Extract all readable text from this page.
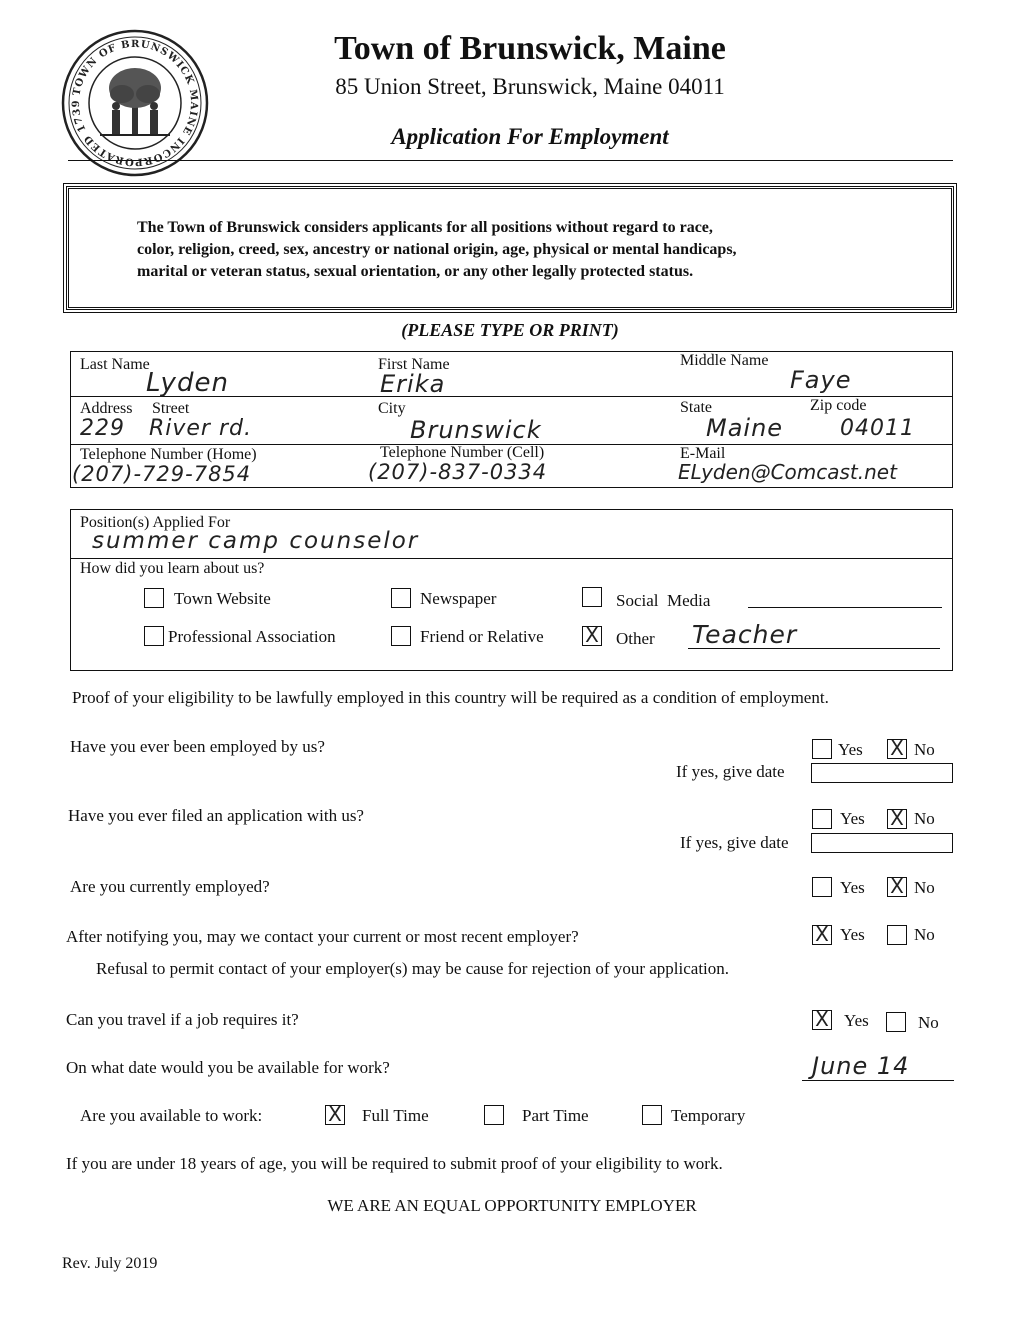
TOWN OF BRUNSWICK MAINE INCORPORATED 1739
Town of Brunswick, Maine
85 Union Street, Brunswick, Maine 04011
Application For Employment
The Town of Brunswick considers applicants for all positions without regard to race,
color, religion, creed, sex, ancestry or national origin, age, physical or mental handicaps,
marital or veteran status, sexual orientation, or any other legally protected status.
(PLEASE TYPE OR PRINT)
Last Name
Lyden
First Name
Erika
Middle Name
Faye
Address Street
229   River rd.
City
Brunswick
State	Zip code
Maine	04011
Telephone Number (Home)
(207)-729-7854
Telephone Number (Cell)
(207)-837-0334
E-Mail
ELyden@Comcast.net
Position(s) Applied For
summer camp counselor
How did you learn about us?
Town Website	Newspaper	Social  Media
Professional Association	Friend or Relative X Other Teacher
Proof of your eligibility to be lawfully employed in this country will be required as a condition of employment.
Have you ever been employed by us?	Yes X No
If yes, give date
Have you ever filed an application with us?	Yes X No
If yes, give date
Are you currently employed?	Yes X No
After notifying you, may we contact your current or most recent employer?	X Yes	No
Refusal to permit contact of your employer(s) may be cause for rejection of your application.
Can you travel if a job requires it?	X Yes	No
On what date would you be available for work?	June 14
Are you available to work:	X Full Time	Part Time	Temporary
If you are under 18 years of age, you will be required to submit proof of your eligibility to work.
WE ARE AN EQUAL OPPORTUNITY EMPLOYER
Rev. July 2019
